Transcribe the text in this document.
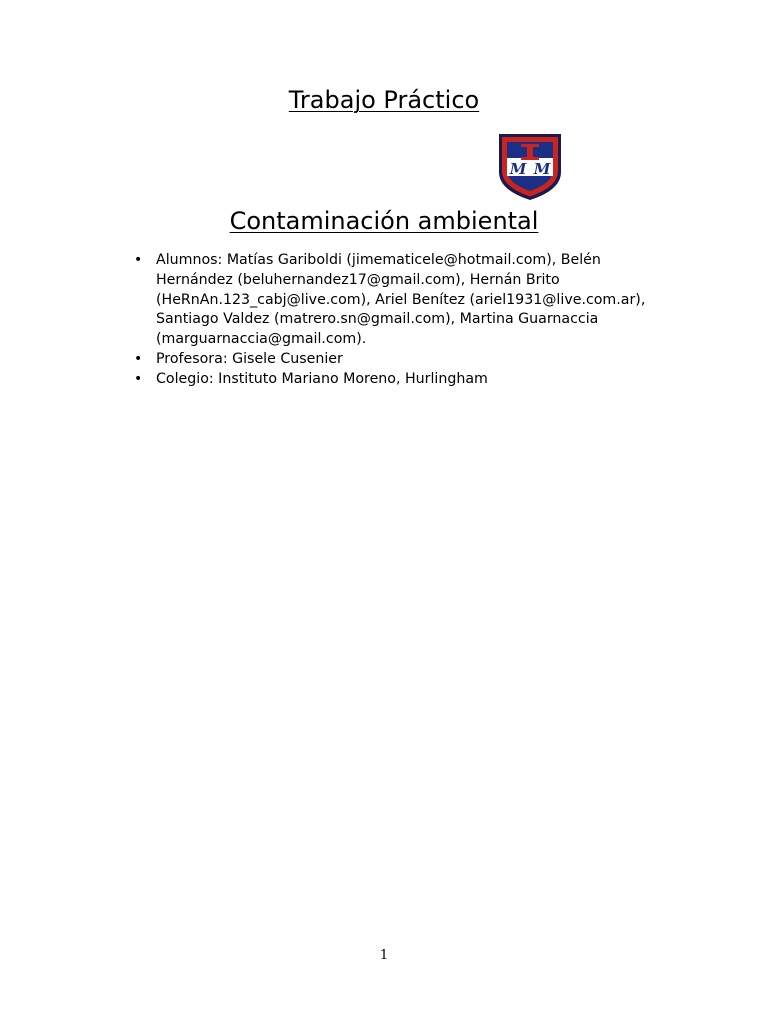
Trabajo Práctico
M M
Contaminación ambiental
• Alumnos: Matías Gariboldi (jimematicele@hotmail.com), Belén Hernández (beluhernandez17@gmail.com), Hernán Brito (HeRnAn.123_cabj@live.com), Ariel Benítez (ariel1931@live.com.ar), Santiago Valdez (matrero.sn@gmail.com), Martina Guarnaccia (marguarnaccia@gmail.com).
• Profesora: Gisele Cusenier
• Colegio: Instituto Mariano Moreno, Hurlingham
1
